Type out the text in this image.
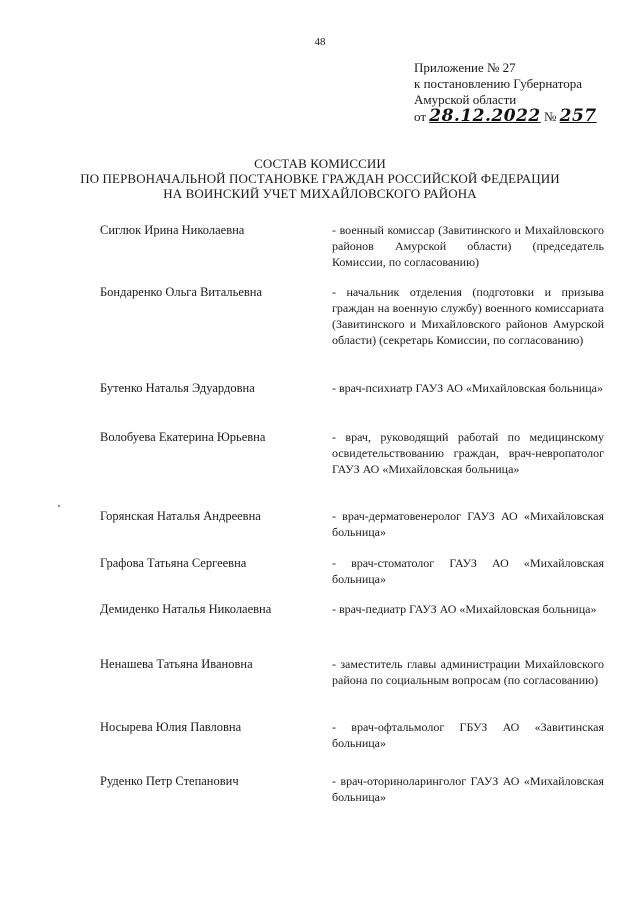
48
Приложение № 27
к постановлению Губернатора
Амурской области
от 28.12.2022 № 257
СОСТАВ КОМИССИИ
ПО ПЕРВОНАЧАЛЬНОЙ ПОСТАНОВКЕ ГРАЖДАН РОССИЙСКОЙ ФЕДЕРАЦИИ
НА ВОИНСКИЙ УЧЕТ МИХАЙЛОВСКОГО РАЙОНА
Сиглюк Ирина Николаевна	- военный комиссар (Завитинского и Михайловского районов Амурской области) (председатель Комиссии, по согласованию)
Бондаренко Ольга Витальевна	- начальник отделения (подготовки и призыва граждан на военную службу) военного комиссариата (Завитинского и Михайловского районов Амурской области) (секретарь Комиссии, по согласованию)
Бутенко Наталья Эдуардовна	- врач-психиатр ГАУЗ АО «Михайловская больница»
Волобуева Екатерина Юрьевна	- врач, руководящий работай по медицинскому освидетельствованию граждан, врач-невропатолог ГАУЗ АО «Михайловская больница»
Горянская Наталья Андреевна	- врач-дерматовенеролог ГАУЗ АО «Михайловская больница»
Графова Татьяна Сергеевна	- врач-стоматолог ГАУЗ АО «Михайловская больница»
Демиденко Наталья Николаевна	- врач-педиатр ГАУЗ АО «Михайловская больница»
Ненашева Татьяна Ивановна	- заместитель главы администрации Михайловского района по социальным вопросам (по согласованию)
Носырева Юлия Павловна	- врач-офтальмолог ГБУЗ АО «Завитинская больница»
Руденко Петр Степанович	- врач-оториноларинголог ГАУЗ АО «Михайловская больница»
